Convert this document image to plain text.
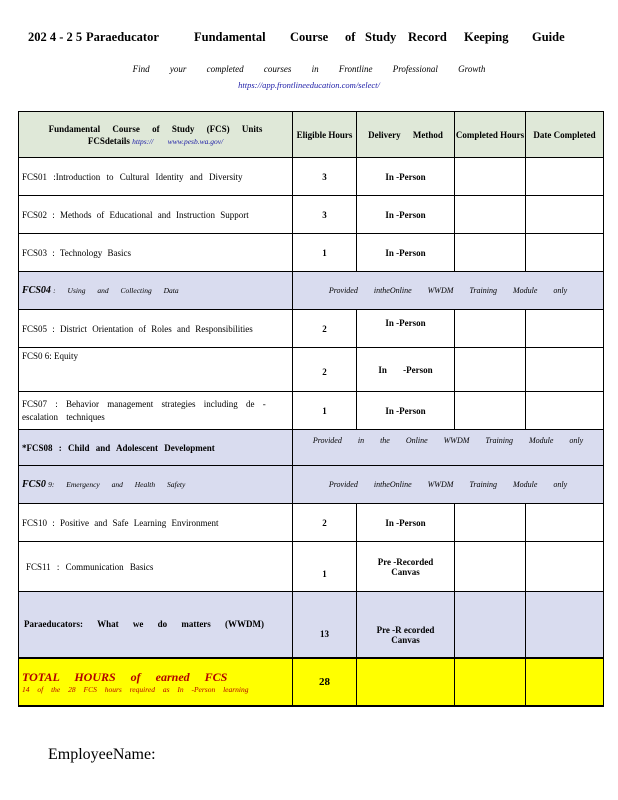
202 4 - 2 5 Paraeducator	Fundamental Course of Study Record Keeping Guide
Find your completed courses in Frontline Professional Growth
https://app.frontlineeducation.com/select/
Fundamental Course of Study (FCS) Units
FCSdetails https:// www.pesb.wa.gov/	Eligible Hours	Delivery Method	Completed Hours	Date Completed
FCS01 :Introduction to Cultural Identity and Diversity	3	In -Person		
FCS02 : Methods of Educational and Instruction Support	3	In -Person		
FCS03 : Technology Basics	1	In -Person		
FCS04 : Using and Collecting Data	Provided intheOnline WWDM Training Module only			
FCS05 : District Orientation of Roles and Responsibilities	2	In -Person		
FCS0 6: Equity	2	In -Person		
FCS07 : Behavior management strategies including de - escalation techniques	1	In -Person		
*FCS08 : Child and Adolescent Development	Provided in the Online WWDM Training Module only			
FCS0 9: Emergency and Health Safety	Provided intheOnline WWDM Training Module only			
FCS10 : Positive and Safe Learning Environment	2	In -Person		
FCS11 : Communication Basics	1	Pre -Recorded
Canvas		

Paraeducators: What we do matters (WWDM)	13	Pre -R ecorded
Canvas		

TOTAL HOURS of earned FCS
14 of the 28 FCS hours required as In -Person learning	28			
EmployeeName:
